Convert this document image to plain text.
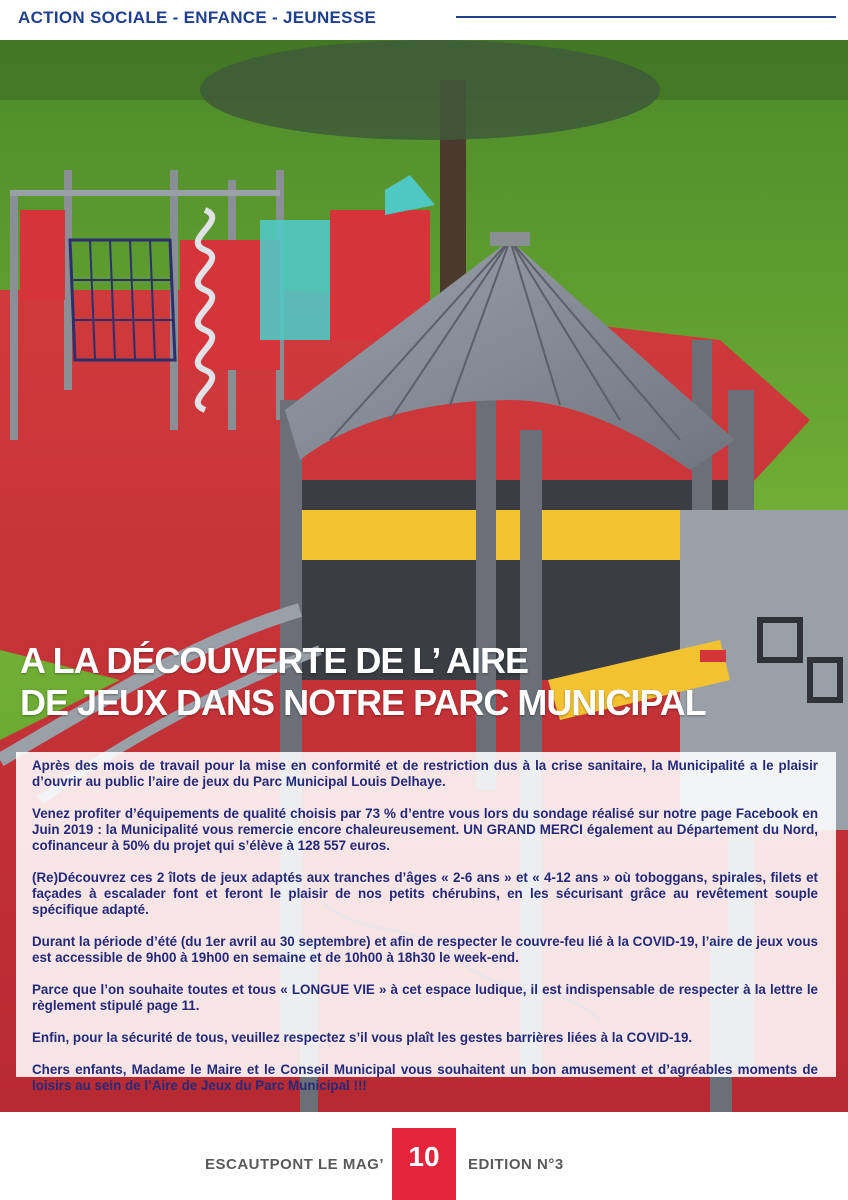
ACTION SOCIALE - ENFANCE - JEUNESSE
A LA DÉCOUVERTE DE L’ AIRE
DE JEUX DANS NOTRE PARC MUNICIPAL

Après des mois de travail pour la mise en conformité et de restriction dus à la crise sanitaire, la Municipalité a le plaisir d’ouvrir au public l’aire de jeux du Parc Municipal Louis Delhaye.

Venez profiter d’équipements de qualité choisis par 73 % d’entre vous lors du sondage réalisé sur notre page Facebook en Juin 2019 : la Municipalité vous remercie encore chaleureusement. UN GRAND MERCI également au Département du Nord, cofinanceur à 50% du projet qui s’élève à 128 557 euros.

(Re)Découvrez ces 2 îlots de jeux adaptés aux tranches d’âges « 2-6 ans » et « 4-12 ans » où toboggans, spirales, filets et façades à escalader font et feront le plaisir de nos petits chérubins, en les sécurisant grâce au revêtement souple spécifique adapté.

Durant la période d’été (du 1er avril au 30 septembre) et afin de respecter le couvre-feu lié à la COVID-19, l’aire de jeux vous est accessible de 9h00 à 19h00 en semaine et de 10h00 à 18h30 le week-end.

Parce que l’on souhaite toutes et tous « LONGUE VIE » à cet espace ludique, il est indispensable de respecter à la lettre le règlement stipulé page 11.

Enfin, pour la sécurité de tous, veuillez respectez s’il vous plaît les gestes barrières liées à la COVID-19.

Chers enfants, Madame le Maire et le Conseil Municipal vous souhaitent un bon amusement et d’agréables moments de loisirs au sein de l’Aire de Jeux du Parc Municipal !!!

ESCAUTPONT LE MAG’ 10	EDITION N°3
